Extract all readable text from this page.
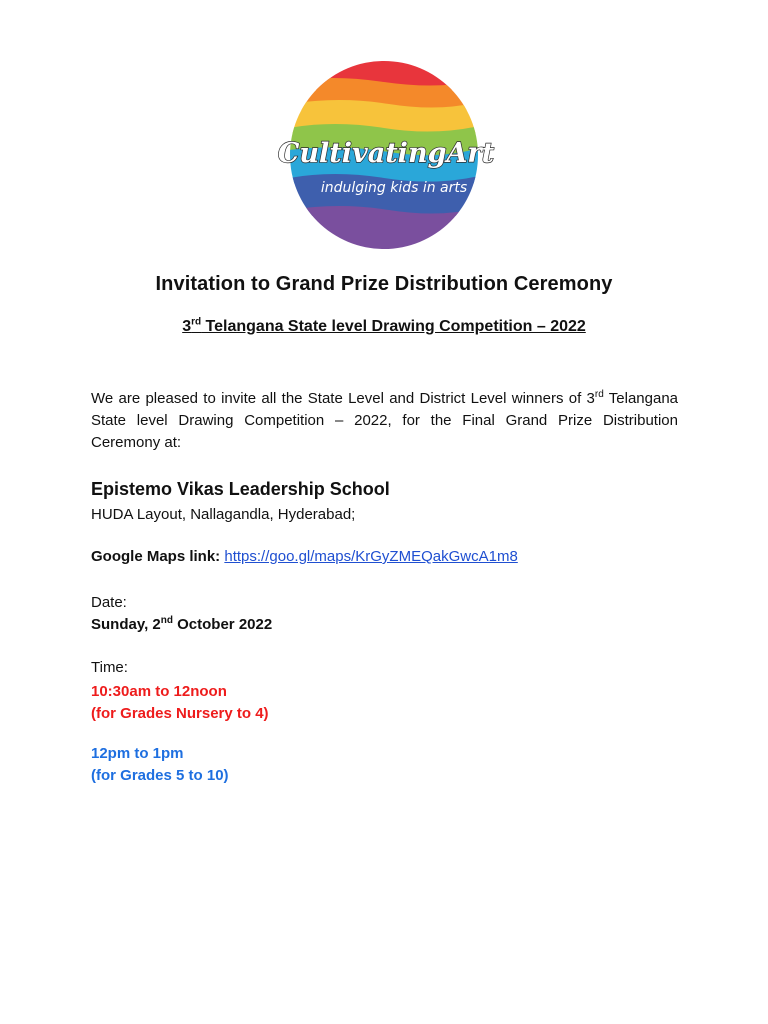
CultivatingArt
indulging kids in arts
Invitation to Grand Prize Distribution Ceremony
3rd Telangana State level Drawing Competition – 2022
We are pleased to invite all the State Level and District Level winners of 3rd Telangana State level Drawing Competition – 2022, for the Final Grand Prize Distribution Ceremony at:
Epistemo Vikas Leadership School
HUDA Layout, Nallagandla, Hyderabad;
Google Maps link: https://goo.gl/maps/KrGyZMEQakGwcA1m8
Date:
Sunday, 2nd October 2022
Time:
10:30am to 12noon
(for Grades Nursery to 4)
12pm to 1pm
(for Grades 5 to 10)
